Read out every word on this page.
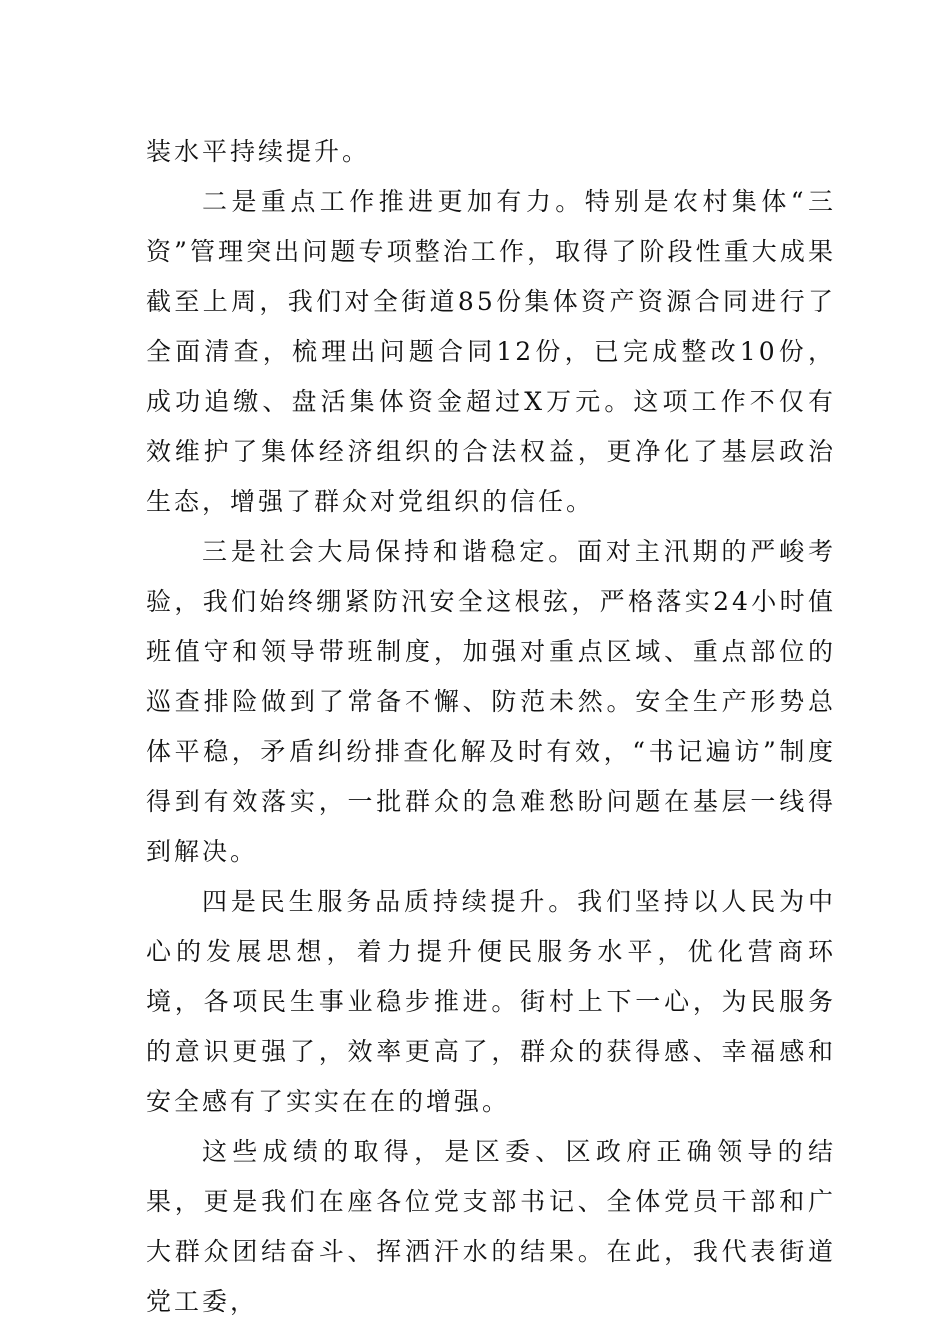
装水平持续提升。

二是重点工作推进更加有力。特别是农村集体“三资”管理突出问题专项整治工作，取得了阶段性重大成果截至上周，我们对全街道85份集体资产资源合同进行了全面清查，梳理出问题合同12份，已完成整改10份，成功追缴、盘活集体资金超过X万元。这项工作不仅有效维护了集体经济组织的合法权益，更净化了基层政治生态，增强了群众对党组织的信任。

三是社会大局保持和谐稳定。面对主汛期的严峻考验，我们始终绷紧防汛安全这根弦，严格落实24小时值班值守和领导带班制度，加强对重点区域、重点部位的巡查排险做到了常备不懈、防范未然。安全生产形势总体平稳，矛盾纠纷排查化解及时有效，“书记遍访”制度得到有效落实，一批群众的急难愁盼问题在基层一线得到解决。

四是民生服务品质持续提升。我们坚持以人民为中心的发展思想，着力提升便民服务水平，优化营商环境，各项民生事业稳步推进。街村上下一心，为民服务的意识更强了，效率更高了，群众的获得感、幸福感和安全感有了实实在在的增强。

这些成绩的取得，是区委、区政府正确领导的结果，更是我们在座各位党支部书记、全体党员干部和广大群众团结奋斗、挥洒汗水的结果。在此，我代表街道党工委，
